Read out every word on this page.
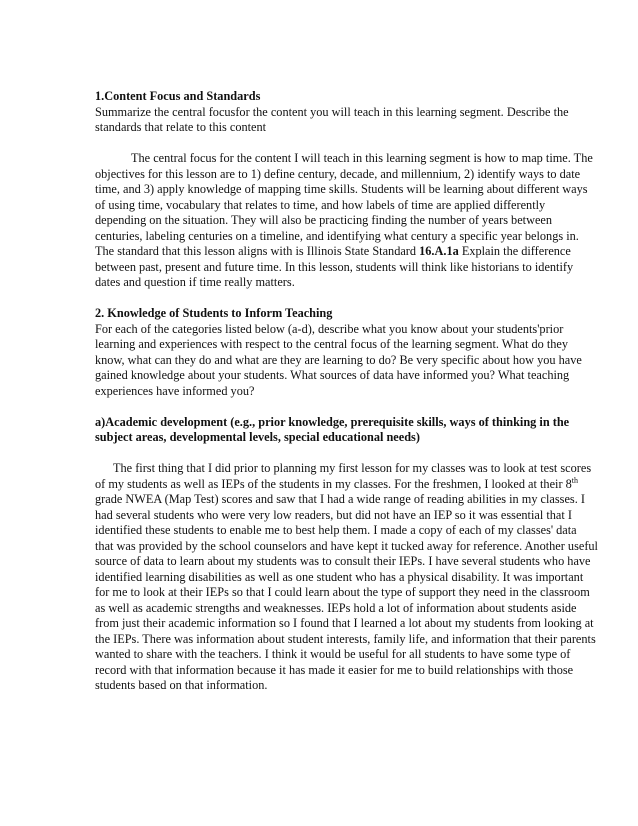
1.Content Focus and Standards

Summarize the central focusfor the content you will teach in this learning segment. Describe the standards that relate to this content

The central focus for the content I will teach in this learning segment is how to map time. The objectives for this lesson are to 1) define century, decade, and millennium, 2) identify ways to date time, and 3) apply knowledge of mapping time skills. Students will be learning about different ways of using time, vocabulary that relates to time, and how labels of time are applied differently depending on the situation. They will also be practicing finding the number of years between centuries, labeling centuries on a timeline, and identifying what century a specific year belongs in. The standard that this lesson aligns with is Illinois State Standard 16.A.1a Explain the difference between past, present and future time. In this lesson, students will think like historians to identify dates and question if time really matters.

2. Knowledge of Students to Inform Teaching

For each of the categories listed below (a-d), describe what you know about your students'prior learning and experiences with respect to the central focus of the learning segment. What do they know, what can they do and what are they are learning to do? Be very specific about how you have gained knowledge about your students. What sources of data have informed you? What teaching experiences have informed you?

a)Academic development (e.g., prior knowledge, prerequisite skills, ways of thinking in the subject areas, developmental levels, special educational needs)

The first thing that I did prior to planning my first lesson for my classes was to look at test scores of my students as well as IEPs of the students in my classes. For the freshmen, I looked at their 8th grade NWEA (Map Test) scores and saw that I had a wide range of reading abilities in my classes. I had several students who were very low readers, but did not have an IEP so it was essential that I identified these students to enable me to best help them. I made a copy of each of my classes' data that was provided by the school counselors and have kept it tucked away for reference. Another useful source of data to learn about my students was to consult their IEPs. I have several students who have identified learning disabilities as well as one student who has a physical disability. It was important for me to look at their IEPs so that I could learn about the type of support they need in the classroom as well as academic strengths and weaknesses. IEPs hold a lot of information about students aside from just their academic information so I found that I learned a lot about my students from looking at the IEPs. There was information about student interests, family life, and information that their parents wanted to share with the teachers. I think it would be useful for all students to have some type of record with that information because it has made it easier for me to build relationships with those students based on that information.
